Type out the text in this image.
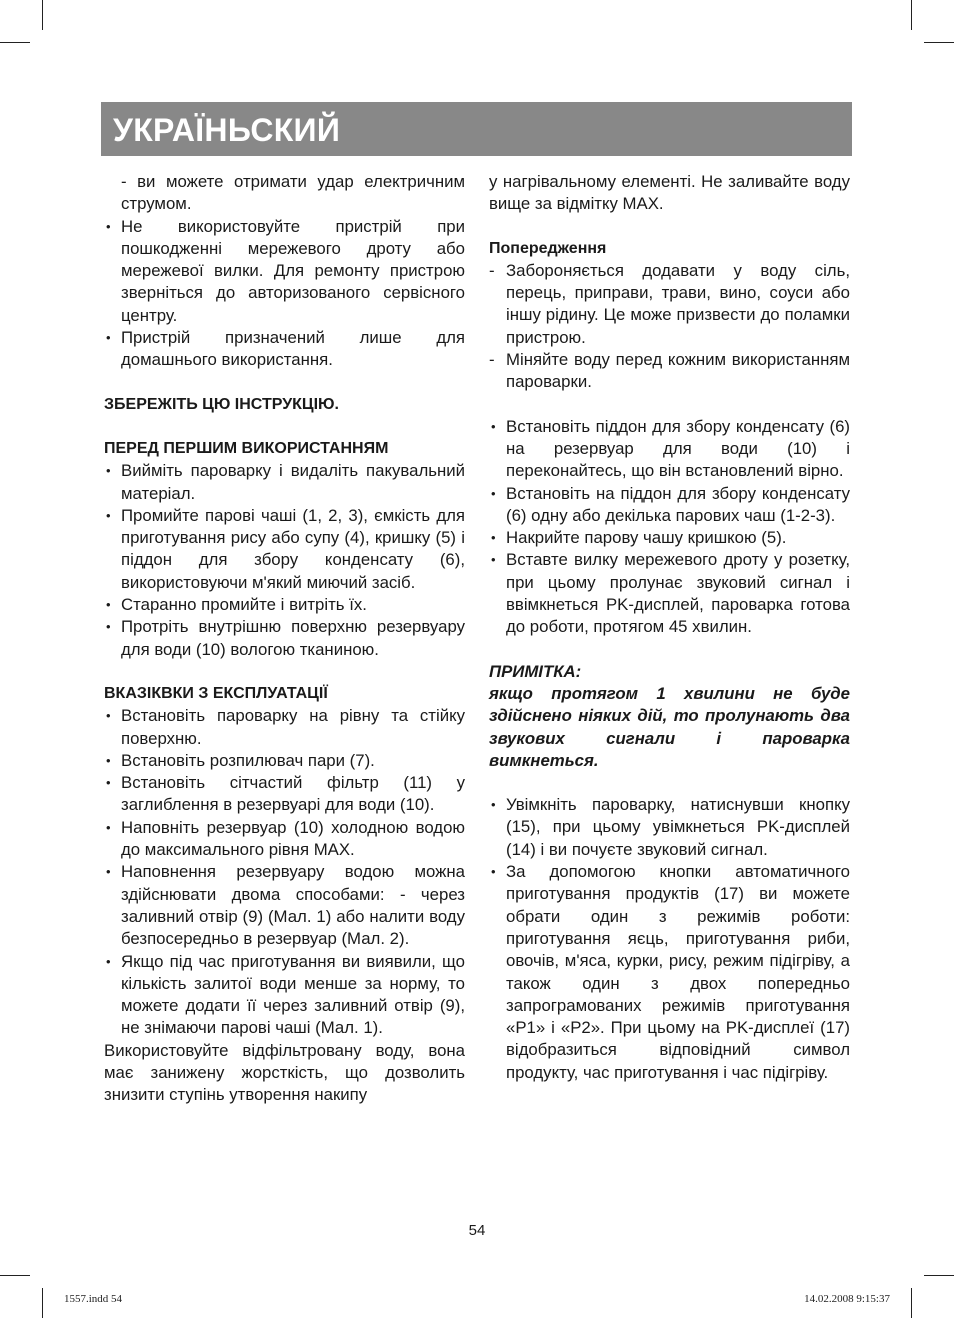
УКРАЇНЬСКИЙ
- ви можете отримати удар електричним струмом.
• Не використовуйте пристрій при пошкодженні мережевого дроту або мережевої вилки. Для ремонту пристрою зверніться до авторизованого сервісного центру.
• Пристрій призначений лише для домашнього використання.
ЗБЕРЕЖІТЬ ЦЮ ІНСТРУКЦІЮ.
ПЕРЕД ПЕРШИМ ВИКОРИСТАННЯМ
• Вийміть пароварку і видаліть пакувальний матеріал.
• Промийте парові чаші (1, 2, 3), ємкість для приготування рису або супу (4), кришку (5) і піддон для збору конденсату (6), використовуючи м'який миючий засіб.
• Старанно промийте і витріть їх.
• Протріть внутрішню поверхню резервуару для води (10) вологою тканиною.
ВКАЗІКВКИ З ЕКСПЛУАТАЦІЇ
• Встановіть пароварку на рівну та стійку поверхню.
• Встановіть розпилювач пари (7).
• Встановіть сітчастий фільтр (11) у заглиблення в резервуарі для води (10).
• Наповніть резервуар (10) холодною водою до максимального рівня MAX.
• Наповнення резервуару водою можна здійснювати двома способами: - через заливний отвір (9) (Мал. 1) або налити воду безпосередньо в резервуар (Мал. 2).
• Якщо під час приготування ви виявили, що кількість залитої води менше за норму, то можете додати її через заливний отвір (9), не знімаючи парові чаші (Мал. 1).

Використовуйте відфільтровану воду, вона має занижену жорсткість, що дозволить знизити ступінь утворення накипу

у нагрівальному елементі. Не заливайте воду вище за відмітку MAX.

Попередження
- Забороняється додавати у воду сіль, перець, приправи, трави, вино, соуси або іншу рідину. Це може призвести до поламки пристрою.
- Міняйте воду перед кожним використанням пароварки.
• Встановіть піддон для збору конденсату (6) на резервуар для води (10) і переконайтесь, що він встановлений вірно.
• Встановіть на піддон для збору конденсату (6) одну або декілька парових чаш (1-2-3).
• Накрийте парову чашу кришкою (5).
• Вставте вилку мережевого дроту у розетку, при цьому пролунає звуковий сигнал і ввімкнеться PK-дисплей, пароварка готова до роботи, протягом 45 хвилин.
ПРИМІТКА:

якщо протягом 1 хвилини не буде здійснено ніяких дій, то пролунають два звукових сигнали і пароварка вимкнеться.

• Увімкніть пароварку, натиснувши кнопку (15), при цьому увімкнеться PK-дисплей (14) і ви почуєте звуковий сигнал.
• За допомогою кнопки автоматичного приготування продуктів (17) ви можете обрати один з режимів роботи: приготування яєць, приготування риби, овочів, м'яса, курки, рису, режим підігріву, а також один з двох попередньо запрограмованих режимів приготування «P1» і «P2». При цьому на PK-дисплеї (17) відобразиться відповідний символ продукту, час приготування і час підігріву.
54
1557.indd 54	14.02.2008 9:15:37
